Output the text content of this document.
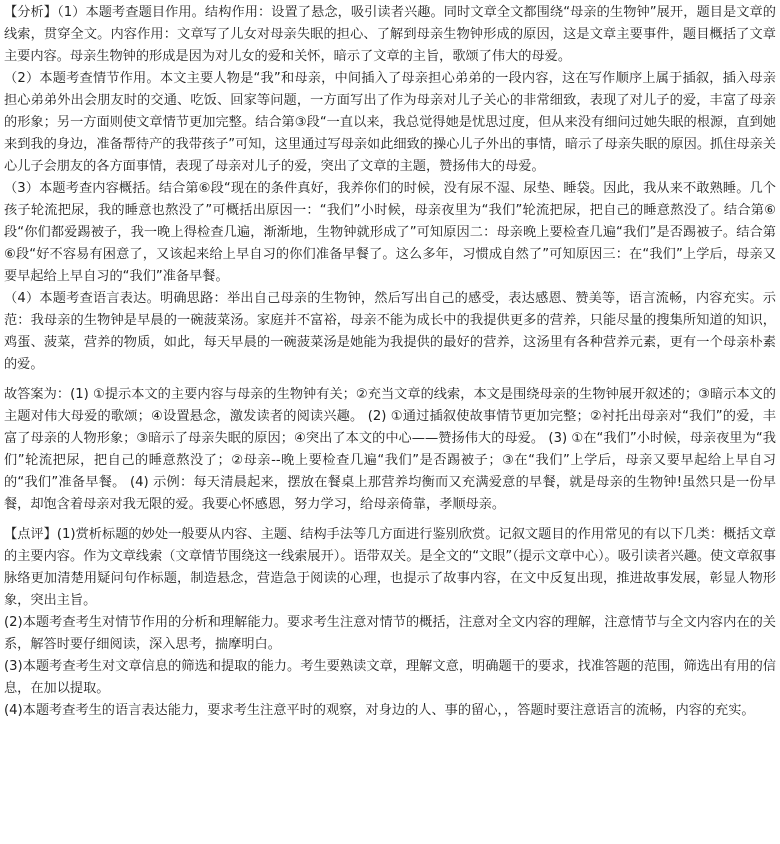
【分析】（1）本题考查题目作用。结构作用：设置了悬念，吸引读者兴趣。同时文章全文都围绕“母亲的生物钟”展开，题目是文章的线索，贯穿全文。内容作用：文章写了儿女对母亲失眠的担心、了解到母亲生物钟形成的原因，这是文章主要事件，题目概括了文章主要内容。母亲生物钟的形成是因为对儿女的爱和关怀，暗示了文章的主旨，歌颂了伟大的母爱。

（2）本题考查情节作用。本文主要人物是“我”和母亲，中间插入了母亲担心弟弟的一段内容，这在写作顺序上属于插叙，插入母亲担心弟弟外出会朋友时的交通、吃饭、回家等问题，一方面写出了作为母亲对儿子关心的非常细致，表现了对儿子的爱，丰富了母亲的形象；另一方面则使文章情节更加完整。结合第③段“一直以来，我总觉得她是忧思过度，但从来没有细问过她失眠的根源，直到她来到我的身边，准备帮待产的我带孩子”可知，这里通过写母亲如此细致的操心儿子外出的事情，暗示了母亲失眠的原因。抓住母亲关心儿子会朋友的各方面事情，表现了母亲对儿子的爱，突出了文章的主题，赞扬伟大的母爱。

（3）本题考查内容概括。结合第⑥段“现在的条件真好，我养你们的时候，没有尿不湿、尿垫、睡袋。因此，我从来不敢熟睡。几个孩子轮流把尿，我的睡意也熬没了”可概括出原因一：“我们”小时候，母亲夜里为“我们”轮流把尿，把自己的睡意熬没了。结合第⑥段“你们都爱踢被子，我一晚上得检查几遍，渐渐地，生物钟就形成了”可知原因二：母亲晚上要检查几遍“我们”是否踢被子。结合第⑥段“好不容易有困意了，又该起来给上早自习的你们准备早餐了。这么多年，习惯成自然了”可知原因三：在“我们”上学后，母亲又要早起给上早自习的“我们”准备早餐。

（4）本题考查语言表达。明确思路：举出自己母亲的生物钟，然后写出自己的感受，表达感恩、赞美等，语言流畅，内容充实。示范：我母亲的生物钟是早晨的一碗菠菜汤。家庭并不富裕，母亲不能为成长中的我提供更多的营养，只能尽量的搜集所知道的知识，鸡蛋、菠菜，营养的物质，如此，每天早晨的一碗菠菜汤是她能为我提供的最好的营养，这汤里有各种营养元素，更有一个母亲朴素的爱。

故答案为：(1) ①提示本文的主要内容与母亲的生物钟有关；②充当文章的线索，本文是围绕母亲的生物钟展开叙述的；③暗示本文的主题对伟大母爱的歌颂；④设置悬念，激发读者的阅读兴趣。 (2) ①通过插叙使故事情节更加完整；②衬托出母亲对“我们”的爱，丰富了母亲的人物形象；③暗示了母亲失眠的原因；④突出了本文的中心——赞扬伟大的母爱。 (3) ①在“我们”小时候，母亲夜里为“我们”轮流把尿，把自己的睡意熬没了；②母亲--晚上要检查几遍“我们”是否踢被子；③在“我们”上学后，母亲又要早起给上早自习的“我们”准备早餐。 (4) 示例：每天清晨起来，摆放在餐桌上那营养均衡而又充满爱意的早餐，就是母亲的生物钟!虽然只是一份早餐，却饱含着母亲对我无限的爱。我要心怀感恩，努力学习，给母亲倚靠，孝顺母亲。

【点评】(1)赏析标题的妙处一般要从内容、主题、结构手法等几方面进行鉴别欣赏。记叙文题目的作用常见的有以下几类：概括文章的主要内容。作为文章线索（文章情节围绕这一线索展开）。语带双关。是全文的“文眼”（提示文章中心）。吸引读者兴趣。使文章叙事脉络更加清楚用疑问句作标题，制造悬念，营造急于阅读的心理，也提示了故事内容，在文中反复出现，推进故事发展，彰显人物形象，突出主旨。

(2)本题考查考生对情节作用的分析和理解能力。要求考生注意对情节的概括，注意对全文内容的理解，注意情节与全文内容内在的关系，解答时要仔细阅读，深入思考，揣摩明白。

(3)本题考查考生对文章信息的筛选和提取的能力。考生要熟读文章，理解文意，明确题干的要求，找准答题的范围，筛选出有用的信息，在加以提取。

(4)本题考查考生的语言表达能力，要求考生注意平时的观察，对身边的人、事的留心，，答题时要注意语言的流畅，内容的充实。
